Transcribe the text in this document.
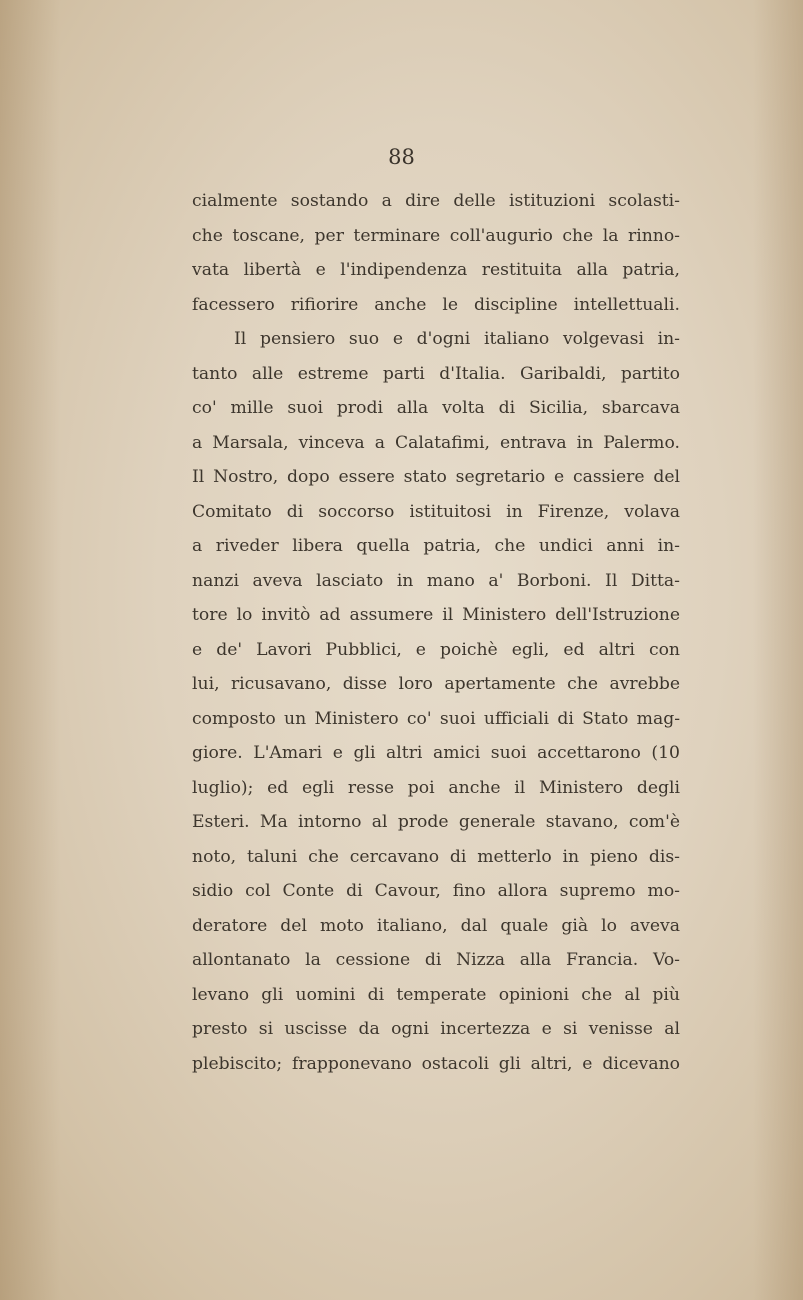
88
cialmente sostando a dire delle istituzioni scolasti-
che toscane, per terminare coll'augurio che la rinno-
vata libertà e l'indipendenza restituita alla patria,
facessero rifiorire anche le discipline intellettuali.
Il pensiero suo e d'ogni italiano volgevasi in-
tanto alle estreme parti d'Italia. Garibaldi, partito
co' mille suoi prodi alla volta di Sicilia, sbarcava
a Marsala, vinceva a Calatafimi, entrava in Palermo.
Il Nostro, dopo essere stato segretario e cassiere del
Comitato di soccorso istituitosi in Firenze, volava
a riveder libera quella patria, che undici anni in-
nanzi aveva lasciato in mano a' Borboni. Il Ditta-
tore lo invitò ad assumere il Ministero dell'Istruzione
e de' Lavori Pubblici, e poichè egli, ed altri con
lui, ricusavano, disse loro apertamente che avrebbe
composto un Ministero co' suoi ufficiali di Stato mag-
giore. L'Amari e gli altri amici suoi accettarono (10
luglio); ed egli resse poi anche il Ministero degli
Esteri. Ma intorno al prode generale stavano, com'è
noto, taluni che cercavano di metterlo in pieno dis-
sidio col Conte di Cavour, fino allora supremo mo-
deratore del moto italiano, dal quale già lo aveva
allontanato la cessione di Nizza alla Francia. Vo-
levano gli uomini di temperate opinioni che al più
presto si uscisse da ogni incertezza e si venisse al
plebiscito; frapponevano ostacoli gli altri, e dicevano
